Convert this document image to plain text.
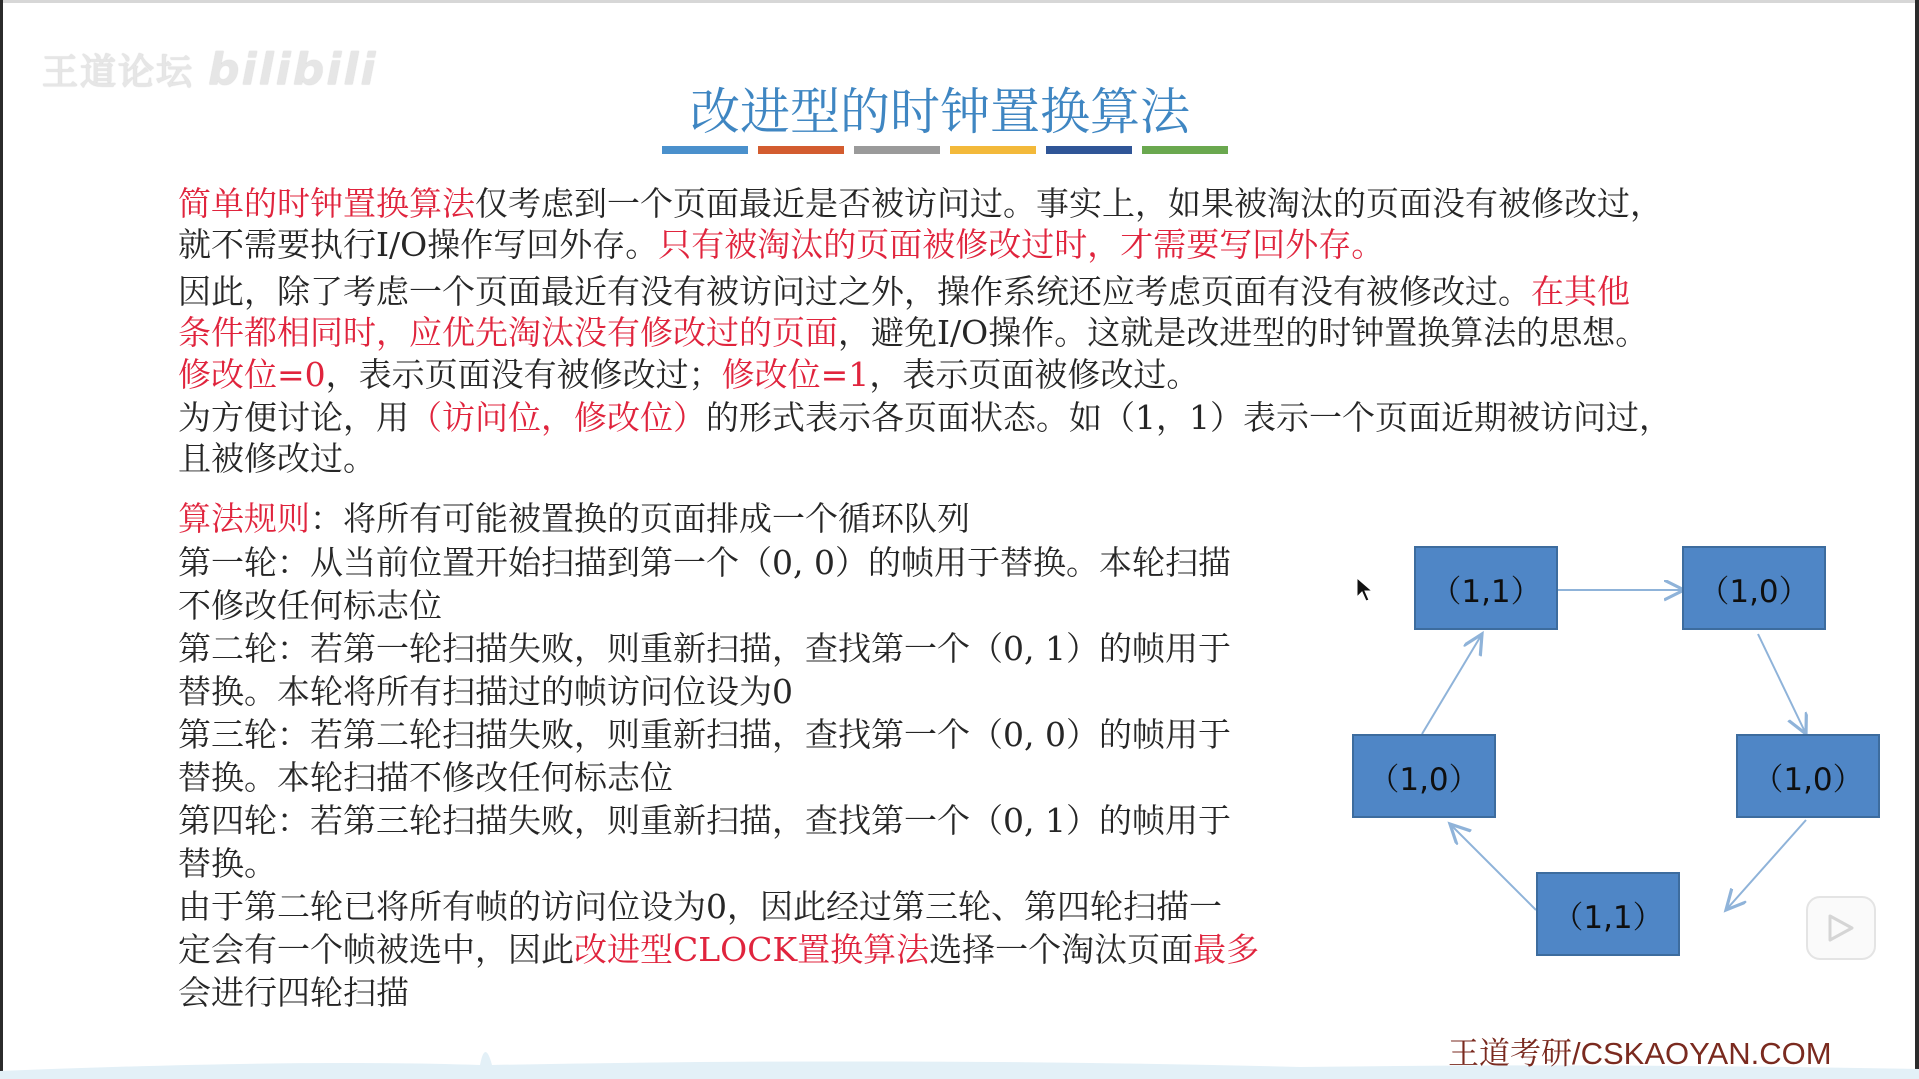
王道论坛 bilibili
改进型的时钟置换算法

简单的时钟置换算法仅考虑到一个页面最近是否被访问过。事实上，如果被淘汰的页面没有被修改过，
就不需要执行I/O操作写回外存。只有被淘汰的页面被修改过时，才需要写回外存。

因此，除了考虑一个页面最近有没有被访问过之外，操作系统还应考虑页面有没有被修改过。在其他
条件都相同时，应优先淘汰没有修改过的页面，避免I/O操作。这就是改进型的时钟置换算法的思想。

修改位=0，表示页面没有被修改过；修改位=1，表示页面被修改过。

为方便讨论，用（访问位，修改位）的形式表示各页面状态。如（1，1）表示一个页面近期被访问过，
且被修改过。

算法规则：将所有可能被置换的页面排成一个循环队列

第一轮：从当前位置开始扫描到第一个（0, 0）的帧用于替换。本轮扫描

不修改任何标志位

第二轮：若第一轮扫描失败，则重新扫描，查找第一个（0, 1）的帧用于

替换。本轮将所有扫描过的帧访问位设为0

第三轮：若第二轮扫描失败，则重新扫描，查找第一个（0, 0）的帧用于

替换。本轮扫描不修改任何标志位

第四轮：若第三轮扫描失败，则重新扫描，查找第一个（0, 1）的帧用于

替换。

由于第二轮已将所有帧的访问位设为0，因此经过第三轮、第四轮扫描一

定会有一个帧被选中，因此改进型CLOCK置换算法选择一个淘汰页面最多

会进行四轮扫描

（1,1）	（1,0）
（1,0）
（1,1）
（1,0）
王道考研/CSKAOYAN.COM
